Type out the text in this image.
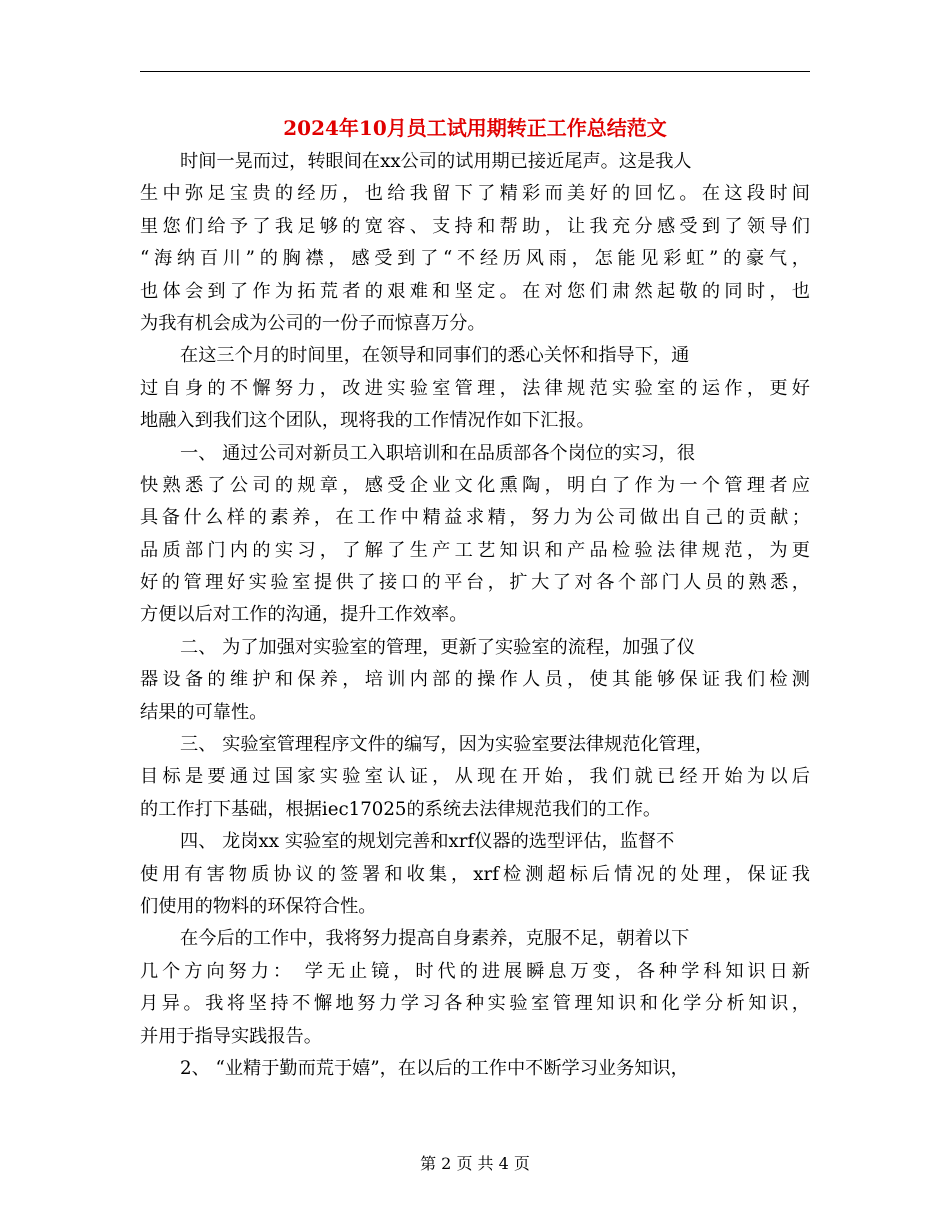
2024年10月员工试用期转正工作总结范文
时间一晃而过，转眼间在xx公司的试用期已接近尾声。这是我人
生中弥足宝贵的经历，也给我留下了精彩而美好的回忆。在这段时间
里您们给予了我足够的宽容、支持和帮助，让我充分感受到了领导们
“海纳百川”的胸襟，感受到了“不经历风雨，怎能见彩虹”的豪气，
也体会到了作为拓荒者的艰难和坚定。在对您们肃然起敬的同时，也
为我有机会成为公司的一份子而惊喜万分。
在这三个月的时间里，在领导和同事们的悉心关怀和指导下，通
过自身的不懈努力，改进实验室管理，法律规范实验室的运作，更好
地融入到我们这个团队，现将我的工作情况作如下汇报。
一、 通过公司对新员工入职培训和在品质部各个岗位的实习，很
快熟悉了公司的规章，感受企业文化熏陶，明白了作为一个管理者应
具备什么样的素养，在工作中精益求精，努力为公司做出自己的贡献；
品质部门内的实习，了解了生产工艺知识和产品检验法律规范，为更
好的管理好实验室提供了接口的平台，扩大了对各个部门人员的熟悉，
方便以后对工作的沟通，提升工作效率。
二、 为了加强对实验室的管理，更新了实验室的流程，加强了仪
器设备的维护和保养，培训内部的操作人员，使其能够保证我们检测
结果的可靠性。
三、 实验室管理程序文件的编写，因为实验室要法律规范化管理，
目标是要通过国家实验室认证，从现在开始，我们就已经开始为以后
的工作打下基础，根据iec17025的系统去法律规范我们的工作。
四、 龙岗xx 实验室的规划完善和xrf仪器的选型评估，监督不
使用有害物质协议的签署和收集，xrf检测超标后情况的处理，保证我
们使用的物料的环保符合性。
在今后的工作中，我将努力提高自身素养，克服不足，朝着以下
几个方向努力： 学无止镜，时代的进展瞬息万变，各种学科知识日新
月异。我将坚持不懈地努力学习各种实验室管理知识和化学分析知识，
并用于指导实践报告。
2、 “业精于勤而荒于嬉”，在以后的工作中不断学习业务知识，
第 2 页 共 4 页
